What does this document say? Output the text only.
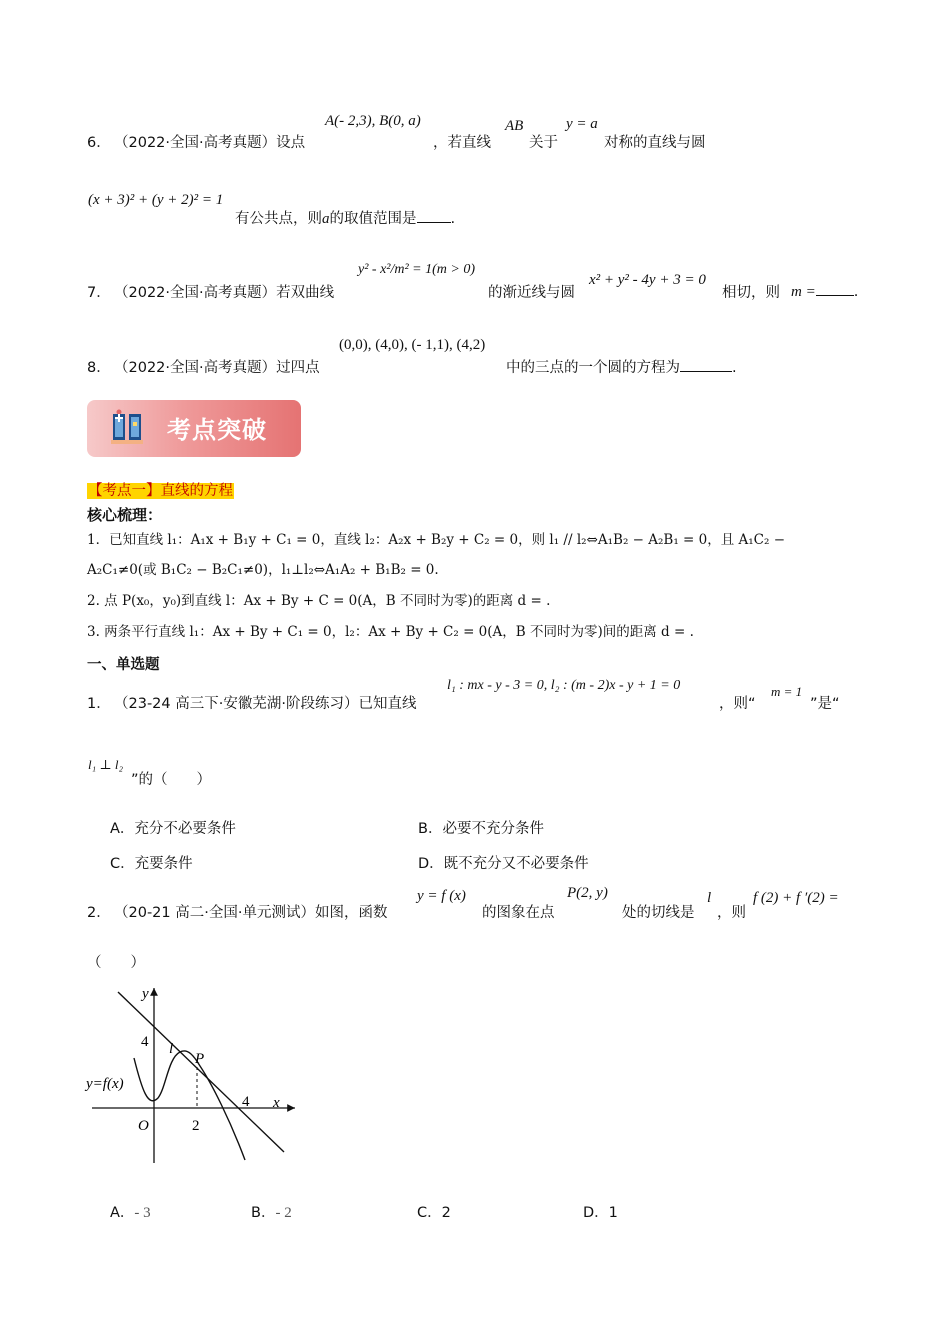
6． （2022·全国·高考真题）设点
A(- 2,3), B(0, a)
，若直线
AB
关于
y = a
对称的直线与圆
(x + 3)² + (y + 2)² = 1
有公共点，则a的取值范围是 .
7． （2022·全国·高考真题）若双曲线
y² - x²/m² = 1(m > 0)
的渐近线与圆
x² + y² - 4y + 3 = 0
相切，则 m =	.
8． （2022·全国·高考真题）过四点
(0,0), (4,0), (- 1,1), (4,2)
中的三点的一个圆的方程为	.
考点突破
【考点一】直线的方程
核心梳理：
1．已知直线 l₁：A₁x + B₁y + C₁ = 0，直线 l₂：A₂x + B₂y + C₂ = 0，则 l₁ // l₂⇔A₁B₂ − A₂B₁ = 0，且 A₁C₂ −
A₂C₁≠0(或 B₁C₂ − B₂C₁≠0)，l₁⊥l₂⇔A₁A₂ + B₁B₂ = 0.
2. 点 P(x₀，y₀)到直线 l：Ax + By + C = 0(A，B 不同时为零)的距离 d = .
3. 两条平行直线 l₁：Ax + By + C₁ = 0，l₂：Ax + By + C₂ = 0(A，B 不同时为零)间的距离 d = .
一、单选题
1． （23-24 高三下·安徽芜湖·阶段练习）已知直线
l₁ : mx - y - 3 = 0, l₂ : (m - 2)x - y + 1 = 0
，则“
m = 1
”是“
l₁ ⊥ l₂
”的（　　）
A．充分不必要条件	B．必要不充分条件
C．充要条件	D．既不充分又不必要条件
2． （20-21 高二·全国·单元测试）如图，函数
y = f (x)
的图象在点
P(2, y)
处的切线是
l
，则
f (2) + f ′(2) =
（　　）
y
x
O
4
2
4
l
P
y=f(x)
A．- 3	B．- 2	C．2	D．1
